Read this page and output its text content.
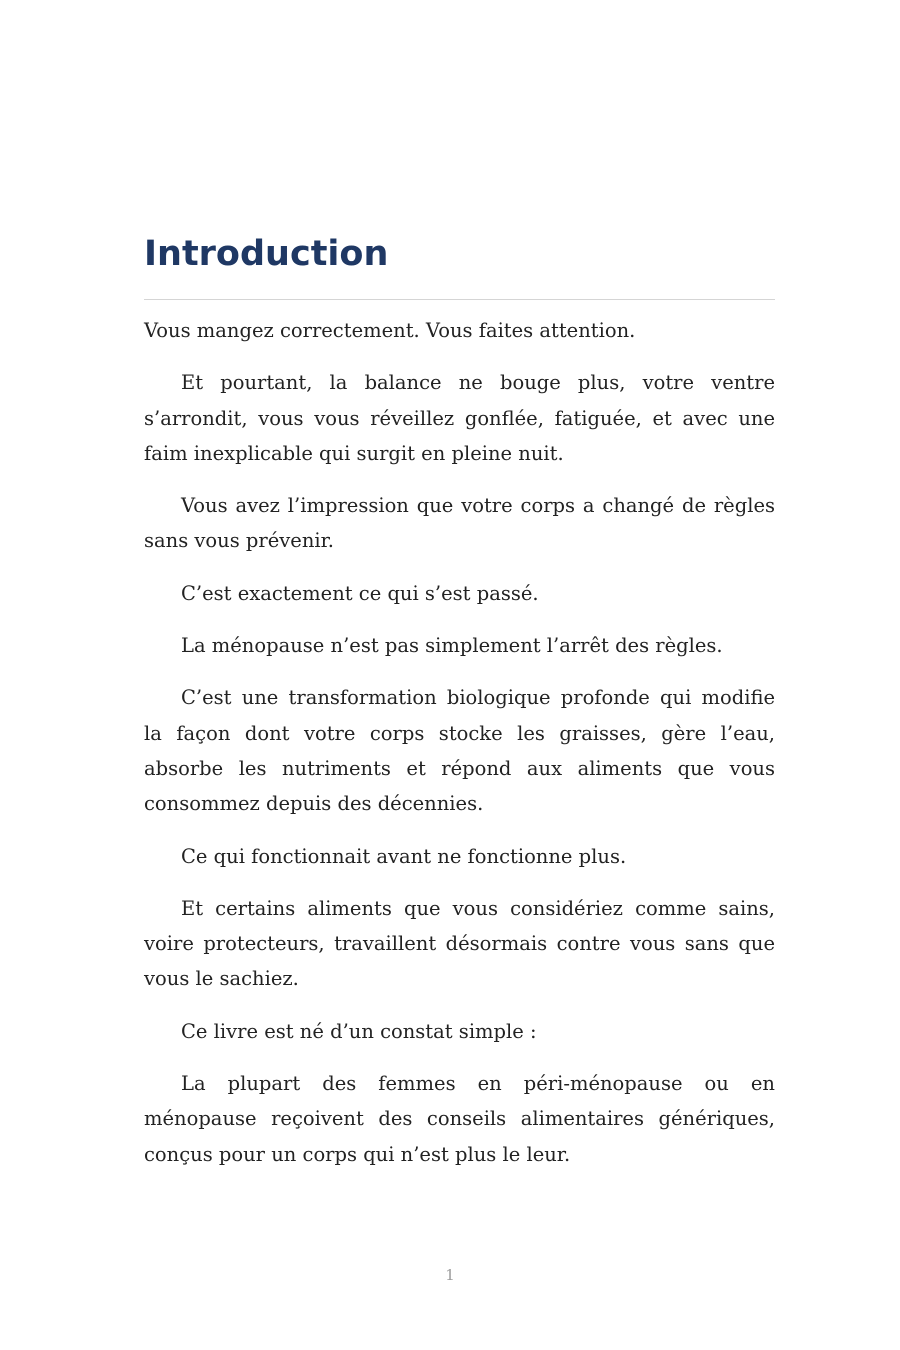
Introduction

Vous mangez correctement. Vous faites attention.

Et pourtant, la balance ne bouge plus, votre ventre s’arrondit, vous vous réveillez gonflée, fatiguée, et avec une faim inexplicable qui surgit en pleine nuit.

Vous avez l’impression que votre corps a changé de règles sans vous prévenir.

C’est exactement ce qui s’est passé.

La ménopause n’est pas simplement l’arrêt des règles.

C’est une transformation biologique profonde qui modifie la façon dont votre corps stocke les graisses, gère l’eau, absorbe les nutriments et répond aux aliments que vous consommez depuis des décennies.

Ce qui fonctionnait avant ne fonctionne plus.

Et certains aliments que vous considériez comme sains, voire protecteurs, travaillent désormais contre vous sans que vous le sachiez.

Ce livre est né d’un constat simple :

La plupart des femmes en péri-ménopause ou en ménopause reçoivent des conseils alimentaires génériques, conçus pour un corps qui n’est plus le leur.

1
